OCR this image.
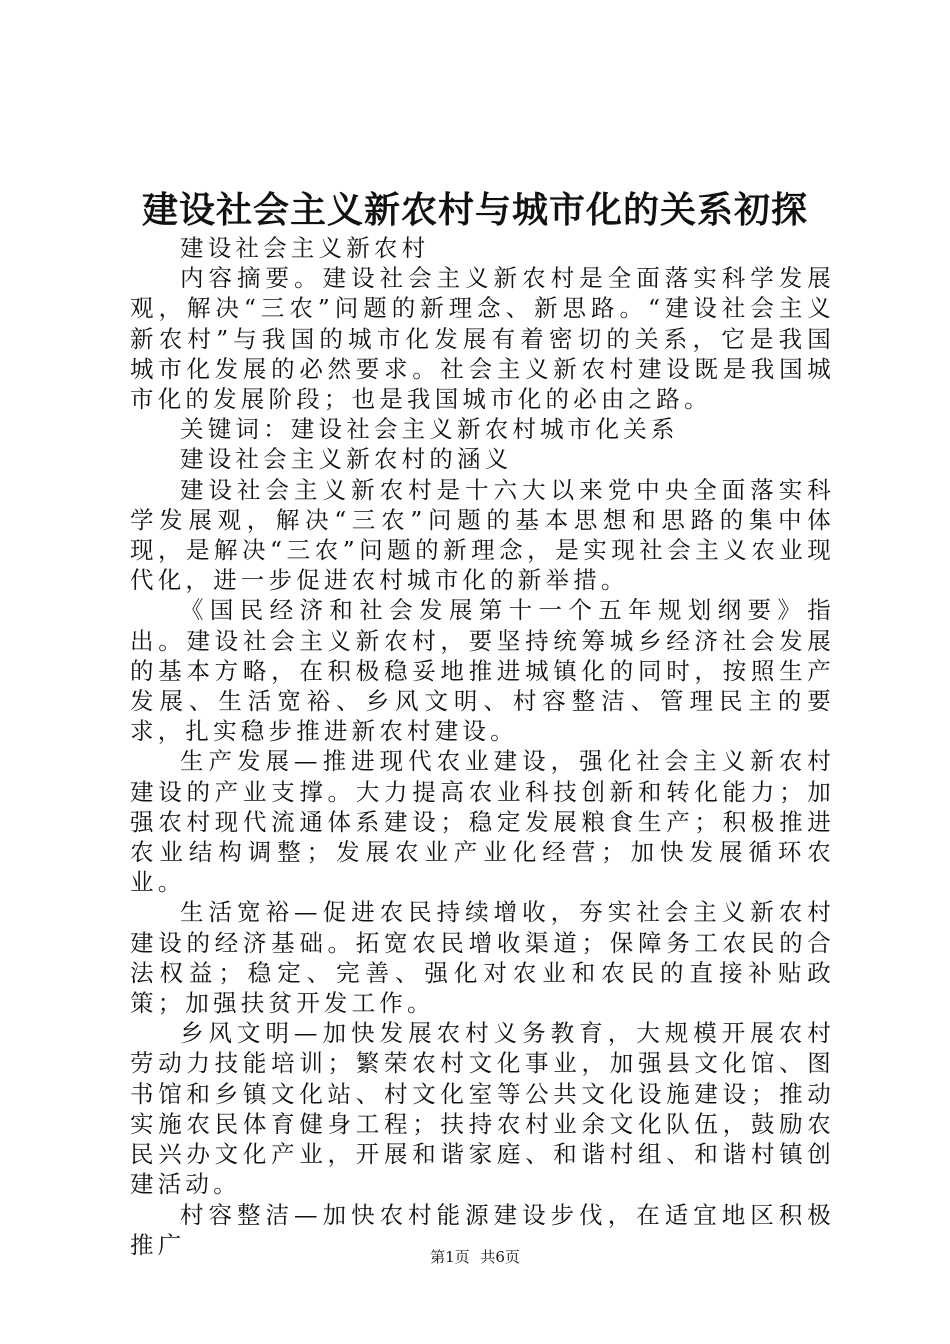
建设社会主义新农村与城市化的关系初探

建设社会主义新农村

内容摘要。建设社会主义新农村是全面落实科学发展观，解决“三农”问题的新理念、新思路。“建设社会主义新农村”与我国的城市化发展有着密切的关系，它是我国城市化发展的必然要求。社会主义新农村建设既是我国城市化的发展阶段；也是我国城市化的必由之路。

关键词：建设社会主义新农村城市化关系

建设社会主义新农村的涵义

建设社会主义新农村是十六大以来党中央全面落实科学发展观，解决“三农”问题的基本思想和思路的集中体现，是解决“三农”问题的新理念，是实现社会主义农业现代化，进一步促进农村城市化的新举措。

《国民经济和社会发展第十一个五年规划纲要》指出。建设社会主义新农村，要坚持统筹城乡经济社会发展的基本方略，在积极稳妥地推进城镇化的同时，按照生产发展、生活宽裕、乡风文明、村容整洁、管理民主的要求，扎实稳步推进新农村建设。

生产发展—推进现代农业建设，强化社会主义新农村建设的产业支撑。大力提高农业科技创新和转化能力；加强农村现代流通体系建设；稳定发展粮食生产；积极推进农业结构调整；发展农业产业化经营；加快发展循环农业。

生活宽裕—促进农民持续增收，夯实社会主义新农村建设的经济基础。拓宽农民增收渠道；保障务工农民的合法权益；稳定、完善、强化对农业和农民的直接补贴政策；加强扶贫开发工作。

乡风文明—加快发展农村义务教育，大规模开展农村劳动力技能培训；繁荣农村文化事业，加强县文化馆、图书馆和乡镇文化站、村文化室等公共文化设施建设；推动实施农民体育健身工程；扶持农村业余文化队伍，鼓励农民兴办文化产业，开展和谐家庭、和谐村组、和谐村镇创建活动。

村容整洁—加快农村能源建设步伐，在适宜地区积极推广	第1页 共6页
